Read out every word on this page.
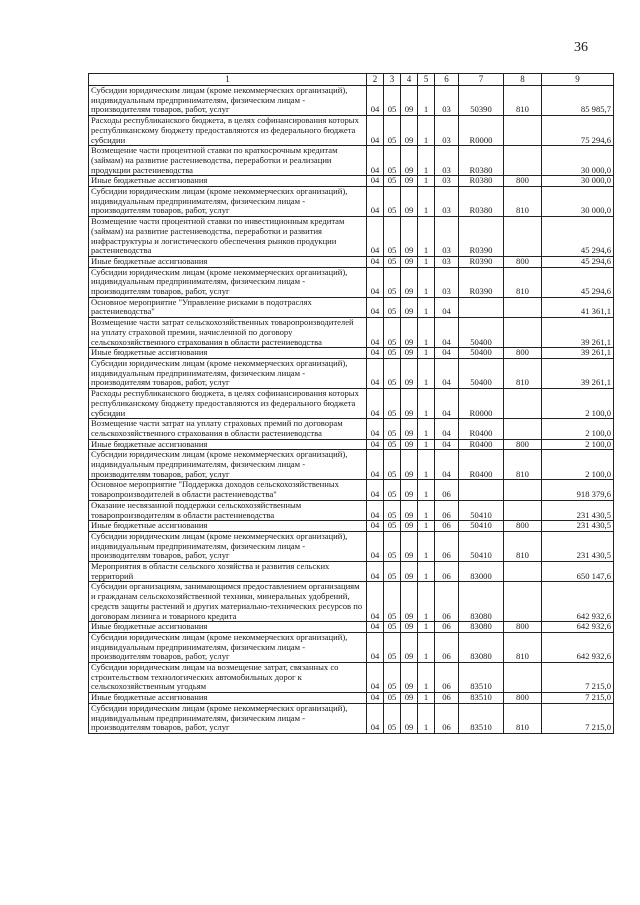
36
1	2	3	4	5	6	7	8	9
Субсидии юридическим лицам (кроме некоммерческих организаций), индивидуальным предпринимателям, физическим лицам - производителям товаров, работ, услуг	04	05	09	1	03	50390	810	85 985,7
Расходы республиканского бюджета, в целях софинансирования которых республиканскому бюджету предоставляются из федерального бюджета субсидии	04	05	09	1	03	R0000		75 294,6
Возмещение части процентной ставки по краткосрочным кредитам (займам) на развитие растениеводства, переработки и реализации продукции растениеводства	04	05	09	1	03	R0380		30 000,0
Иные бюджетные ассигнования	04	05	09	1	03	R0380	800	30 000,0
Субсидии юридическим лицам (кроме некоммерческих организаций), индивидуальным предпринимателям, физическим лицам - производителям товаров, работ, услуг	04	05	09	1	03	R0380	810	30 000,0
Возмещение части процентной ставки по инвестиционным кредитам (займам) на развитие растениеводства, переработки и развития инфраструктуры и логистического обеспечения рынков продукции растениеводства	04	05	09	1	03	R0390		45 294,6
Иные бюджетные ассигнования	04	05	09	1	03	R0390	800	45 294,6
Субсидии юридическим лицам (кроме некоммерческих организаций), индивидуальным предпринимателям, физическим лицам - производителям товаров, работ, услуг	04	05	09	1	03	R0390	810	45 294,6
Основное мероприятие "Управление рисками в подотраслях растениеводства"	04	05	09	1	04			41 361,1
Возмещение части затрат сельскохозяйственных товаропроизводителей на уплату страховой премии, начисленной по договору сельскохозяйственного страхования в области растениеводства	04	05	09	1	04	50400		39 261,1
Иные бюджетные ассигнования	04	05	09	1	04	50400	800	39 261,1
Субсидии юридическим лицам (кроме некоммерческих организаций), индивидуальным предпринимателям, физическим лицам - производителям товаров, работ, услуг	04	05	09	1	04	50400	810	39 261,1
Расходы республиканского бюджета, в целях софинансирования которых республиканскому бюджету предоставляются из федерального бюджета субсидии	04	05	09	1	04	R0000		2 100,0
Возмещение части затрат на уплату страховых премий по договорам сельскохозяйственного страхования в области растениеводства	04	05	09	1	04	R0400		2 100,0
Иные бюджетные ассигнования	04	05	09	1	04	R0400	800	2 100,0
Субсидии юридическим лицам (кроме некоммерческих организаций), индивидуальным предпринимателям, физическим лицам - производителям товаров, работ, услуг	04	05	09	1	04	R0400	810	2 100,0
Основное мероприятие "Поддержка доходов сельскохозяйственных товаропроизводителей в области растениеводства"	04	05	09	1	06			918 379,6
Оказание несвязанной поддержки сельскохозяйственным товаропроизводителям в области растениеводства	04	05	09	1	06	50410		231 430,5
Иные бюджетные ассигнования	04	05	09	1	06	50410	800	231 430,5
Субсидии юридическим лицам (кроме некоммерческих организаций), индивидуальным предпринимателям, физическим лицам - производителям товаров, работ, услуг	04	05	09	1	06	50410	810	231 430,5
Мероприятия в области сельского хозяйства и развития сельских территорий	04	05	09	1	06	83000		650 147,6
Субсидии организациям, занимающимся предоставлением организациям и гражданам сельскохозяйственной техники, минеральных удобрений, средств защиты растений и других материально-технических ресурсов по договорам лизинга и товарного кредита	04	05	09	1	06	83080		642 932,6
Иные бюджетные ассигнования	04	05	09	1	06	83080	800	642 932,6
Субсидии юридическим лицам (кроме некоммерческих организаций), индивидуальным предпринимателям, физическим лицам - производителям товаров, работ, услуг	04	05	09	1	06	83080	810	642 932,6
Субсидии юридическим лицам на возмещение затрат, связанных со строительством технологических автомобильных дорог к сельскохозяйственным угодьям	04	05	09	1	06	83510		7 215,0
Иные бюджетные ассигнования	04	05	09	1	06	83510	800	7 215,0
Субсидии юридическим лицам (кроме некоммерческих организаций), индивидуальным предпринимателям, физическим лицам - производителям товаров, работ, услуг	04	05	09	1	06	83510	810	7 215,0
